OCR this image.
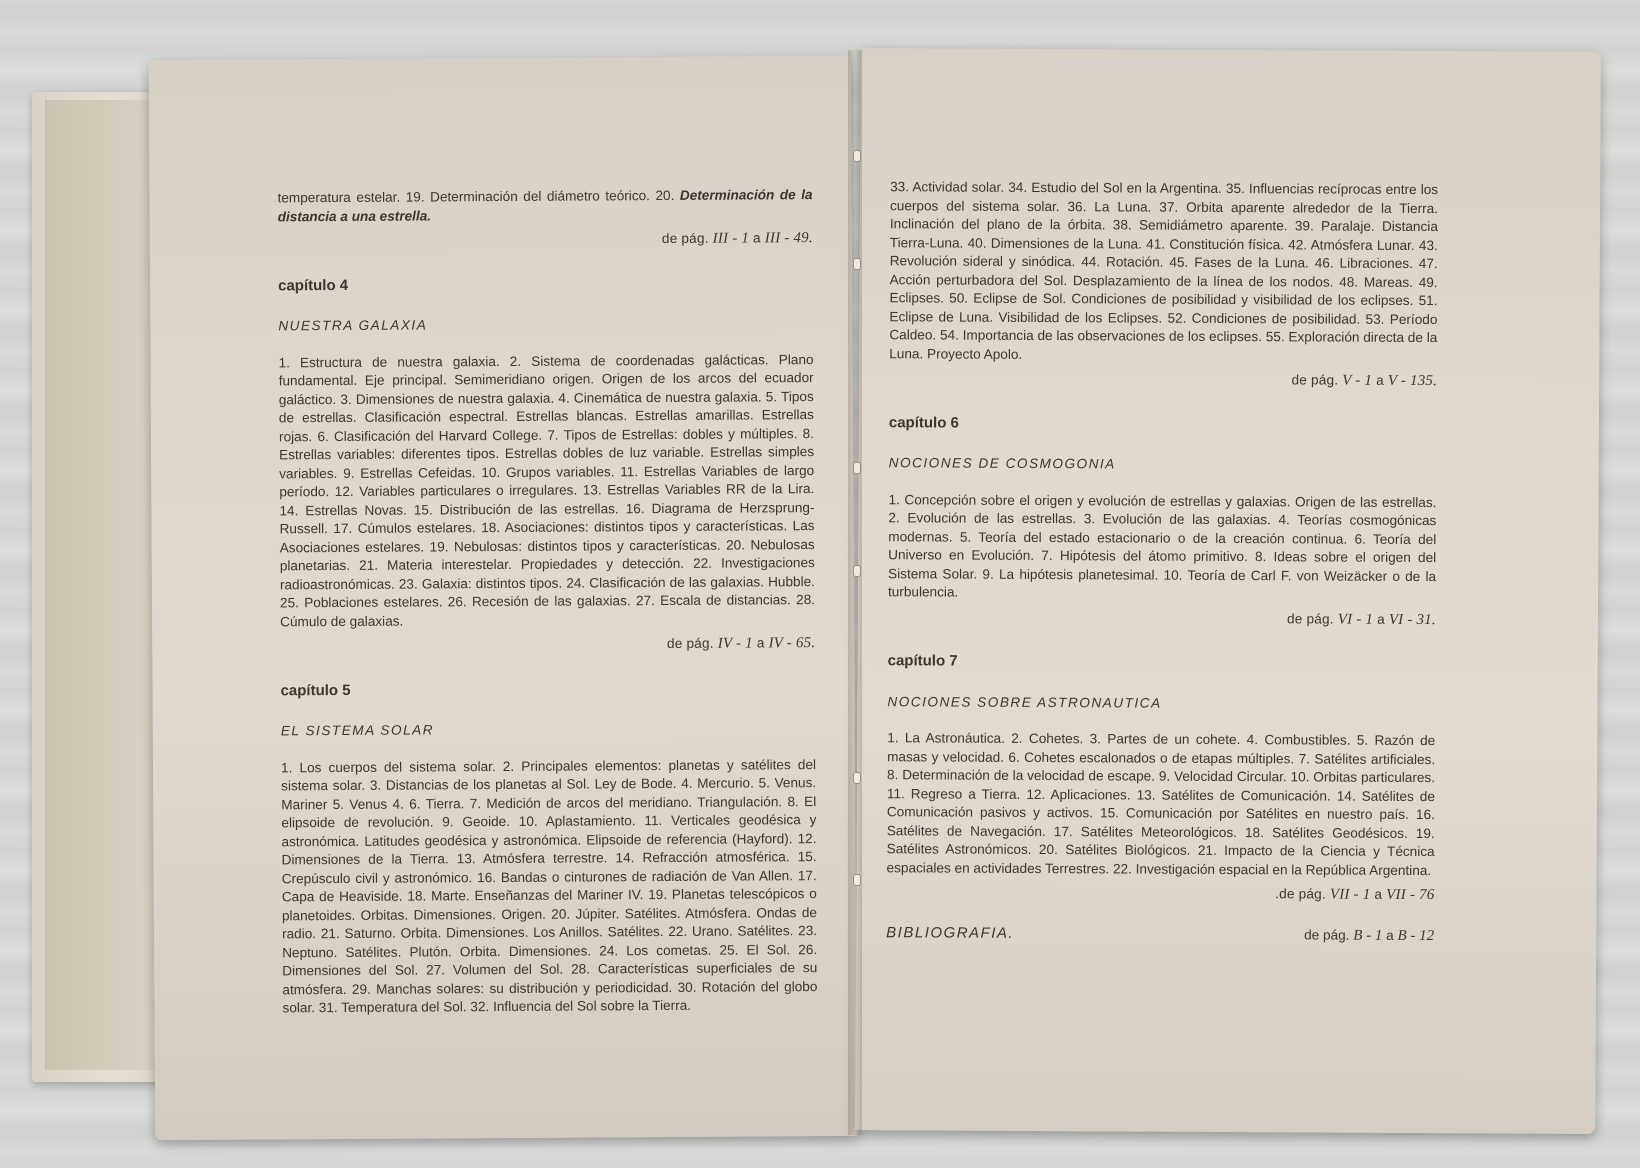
temperatura estelar. 19. Determinación del diámetro teórico. 20. Determinación de la distancia a una estrella.

de pág. III - 1 a III - 49.

capítulo 4
NUESTRA GALAXIA

1. Estructura de nuestra galaxia. 2. Sistema de coordenadas galácticas. Plano fundamental. Eje principal. Semimeridiano origen. Origen de los arcos del ecuador galáctico. 3. Dimensiones de nuestra galaxia. 4. Cinemática de nuestra galaxia. 5. Tipos de estrellas. Clasificación espectral. Estrellas blancas. Estrellas amarillas. Estrellas rojas. 6. Clasificación del Harvard College. 7. Tipos de Estrellas: dobles y múltiples. 8. Estrellas variables: diferentes tipos. Estrellas dobles de luz variable. Estrellas simples variables. 9. Estrellas Cefeidas. 10. Grupos variables. 11. Estrellas Variables de largo período. 12. Variables particulares o irregulares. 13. Estrellas Variables RR de la Lira. 14. Estrellas Novas. 15. Distribución de las estrellas. 16. Diagrama de Herzsprung-Russell. 17. Cúmulos estelares. 18. Asociaciones: distintos tipos y características. Las Asociaciones estelares. 19. Nebulosas: distintos tipos y características. 20. Nebulosas planetarias. 21. Materia interestelar. Propiedades y detección. 22. Investigaciones radioastronómicas. 23. Galaxia: distintos tipos. 24. Clasificación de las galaxias. Hubble. 25. Poblaciones estelares. 26. Recesión de las galaxias. 27. Escala de distancias. 28. Cúmulo de galaxias.

de pág. IV - 1 a IV - 65.

capítulo 5
EL SISTEMA SOLAR

1. Los cuerpos del sistema solar. 2. Principales elementos: planetas y satélites del sistema solar. 3. Distancias de los planetas al Sol. Ley de Bode. 4. Mercurio. 5. Venus. Mariner 5. Venus 4. 6. Tierra. 7. Medición de arcos del meridiano. Triangulación. 8. El elipsoide de revolución. 9. Geoide. 10. Aplastamiento. 11. Verticales geodésica y astronómica. Latitudes geodésica y astronómica. Elipsoide de referencia (Hayford). 12. Dimensiones de la Tierra. 13. Atmósfera terrestre. 14. Refracción atmosférica. 15. Crepúsculo civil y astronómico. 16. Bandas o cinturones de radiación de Van Allen. 17. Capa de Heaviside. 18. Marte. Enseñanzas del Mariner IV. 19. Planetas telescópicos o planetoides. Orbitas. Dimensiones. Origen. 20. Júpiter. Satélites. Atmósfera. Ondas de radio. 21. Saturno. Orbita. Dimensiones. Los Anillos. Satélites. 22. Urano. Satélites. 23. Neptuno. Satélites. Plutón. Orbita. Dimensiones. 24. Los cometas. 25. El Sol. 26. Dimensiones del Sol. 27. Volumen del Sol. 28. Características superficiales de su atmósfera. 29. Manchas solares: su distribución y periodicidad. 30. Rotación del globo solar. 31. Temperatura del Sol. 32. Influencia del Sol sobre la Tierra.

33. Actividad solar. 34. Estudio del Sol en la Argentina. 35. Influencias recíprocas entre los cuerpos del sistema solar. 36. La Luna. 37. Orbita aparente alrededor de la Tierra. Inclinación del plano de la órbita. 38. Semidiámetro aparente. 39. Paralaje. Distancia Tierra-Luna. 40. Dimensiones de la Luna. 41. Constitución física. 42. Atmósfera Lunar. 43. Revolución sideral y sinódica. 44. Rotación. 45. Fases de la Luna. 46. Libraciones. 47. Acción perturbadora del Sol. Desplazamiento de la línea de los nodos. 48. Mareas. 49. Eclipses. 50. Eclipse de Sol. Condiciones de posibilidad y visibilidad de los eclipses. 51. Eclipse de Luna. Visibilidad de los Eclipses. 52. Condiciones de posibilidad. 53. Período Caldeo. 54. Importancia de las observaciones de los eclipses. 55. Exploración directa de la Luna. Proyecto Apolo.

de pág. V - 1 a V - 135.

capítulo 6
NOCIONES DE COSMOGONIA

1. Concepción sobre el origen y evolución de estrellas y galaxias. Origen de las estrellas. 2. Evolución de las estrellas. 3. Evolución de las galaxias. 4. Teorías cosmogónicas modernas. 5. Teoría del estado estacionario o de la creación continua. 6. Teoría del Universo en Evolución. 7. Hipótesis del átomo primitivo. 8. Ideas sobre el origen del Sistema Solar. 9. La hipótesis planetesimal. 10. Teoría de Carl F. von Weizäcker o de la turbulencia.

de pág. VI - 1 a VI - 31.

capítulo 7
NOCIONES SOBRE ASTRONAUTICA

1. La Astronáutica. 2. Cohetes. 3. Partes de un cohete. 4. Combustibles. 5. Razón de masas y velocidad. 6. Cohetes escalonados o de etapas múltiples. 7. Satélites artificiales. 8. Determinación de la velocidad de escape. 9. Velocidad Circular. 10. Orbitas particulares. 11. Regreso a Tierra. 12. Aplicaciones. 13. Satélites de Comunicación. 14. Satélites de Comunicación pasivos y activos. 15. Comunicación por Satélites en nuestro país. 16. Satélites de Navegación. 17. Satélites Meteorológicos. 18. Satélites Geodésicos. 19. Satélites Astronómicos. 20. Satélites Biológicos. 21. Impacto de la Ciencia y Técnica espaciales en actividades Terrestres. 22. Investigación espacial en la República Argentina.

.de pág. VII - 1 a VII - 76

BIBLIOGRAFIA.	de pág. B - 1 a B - 12
